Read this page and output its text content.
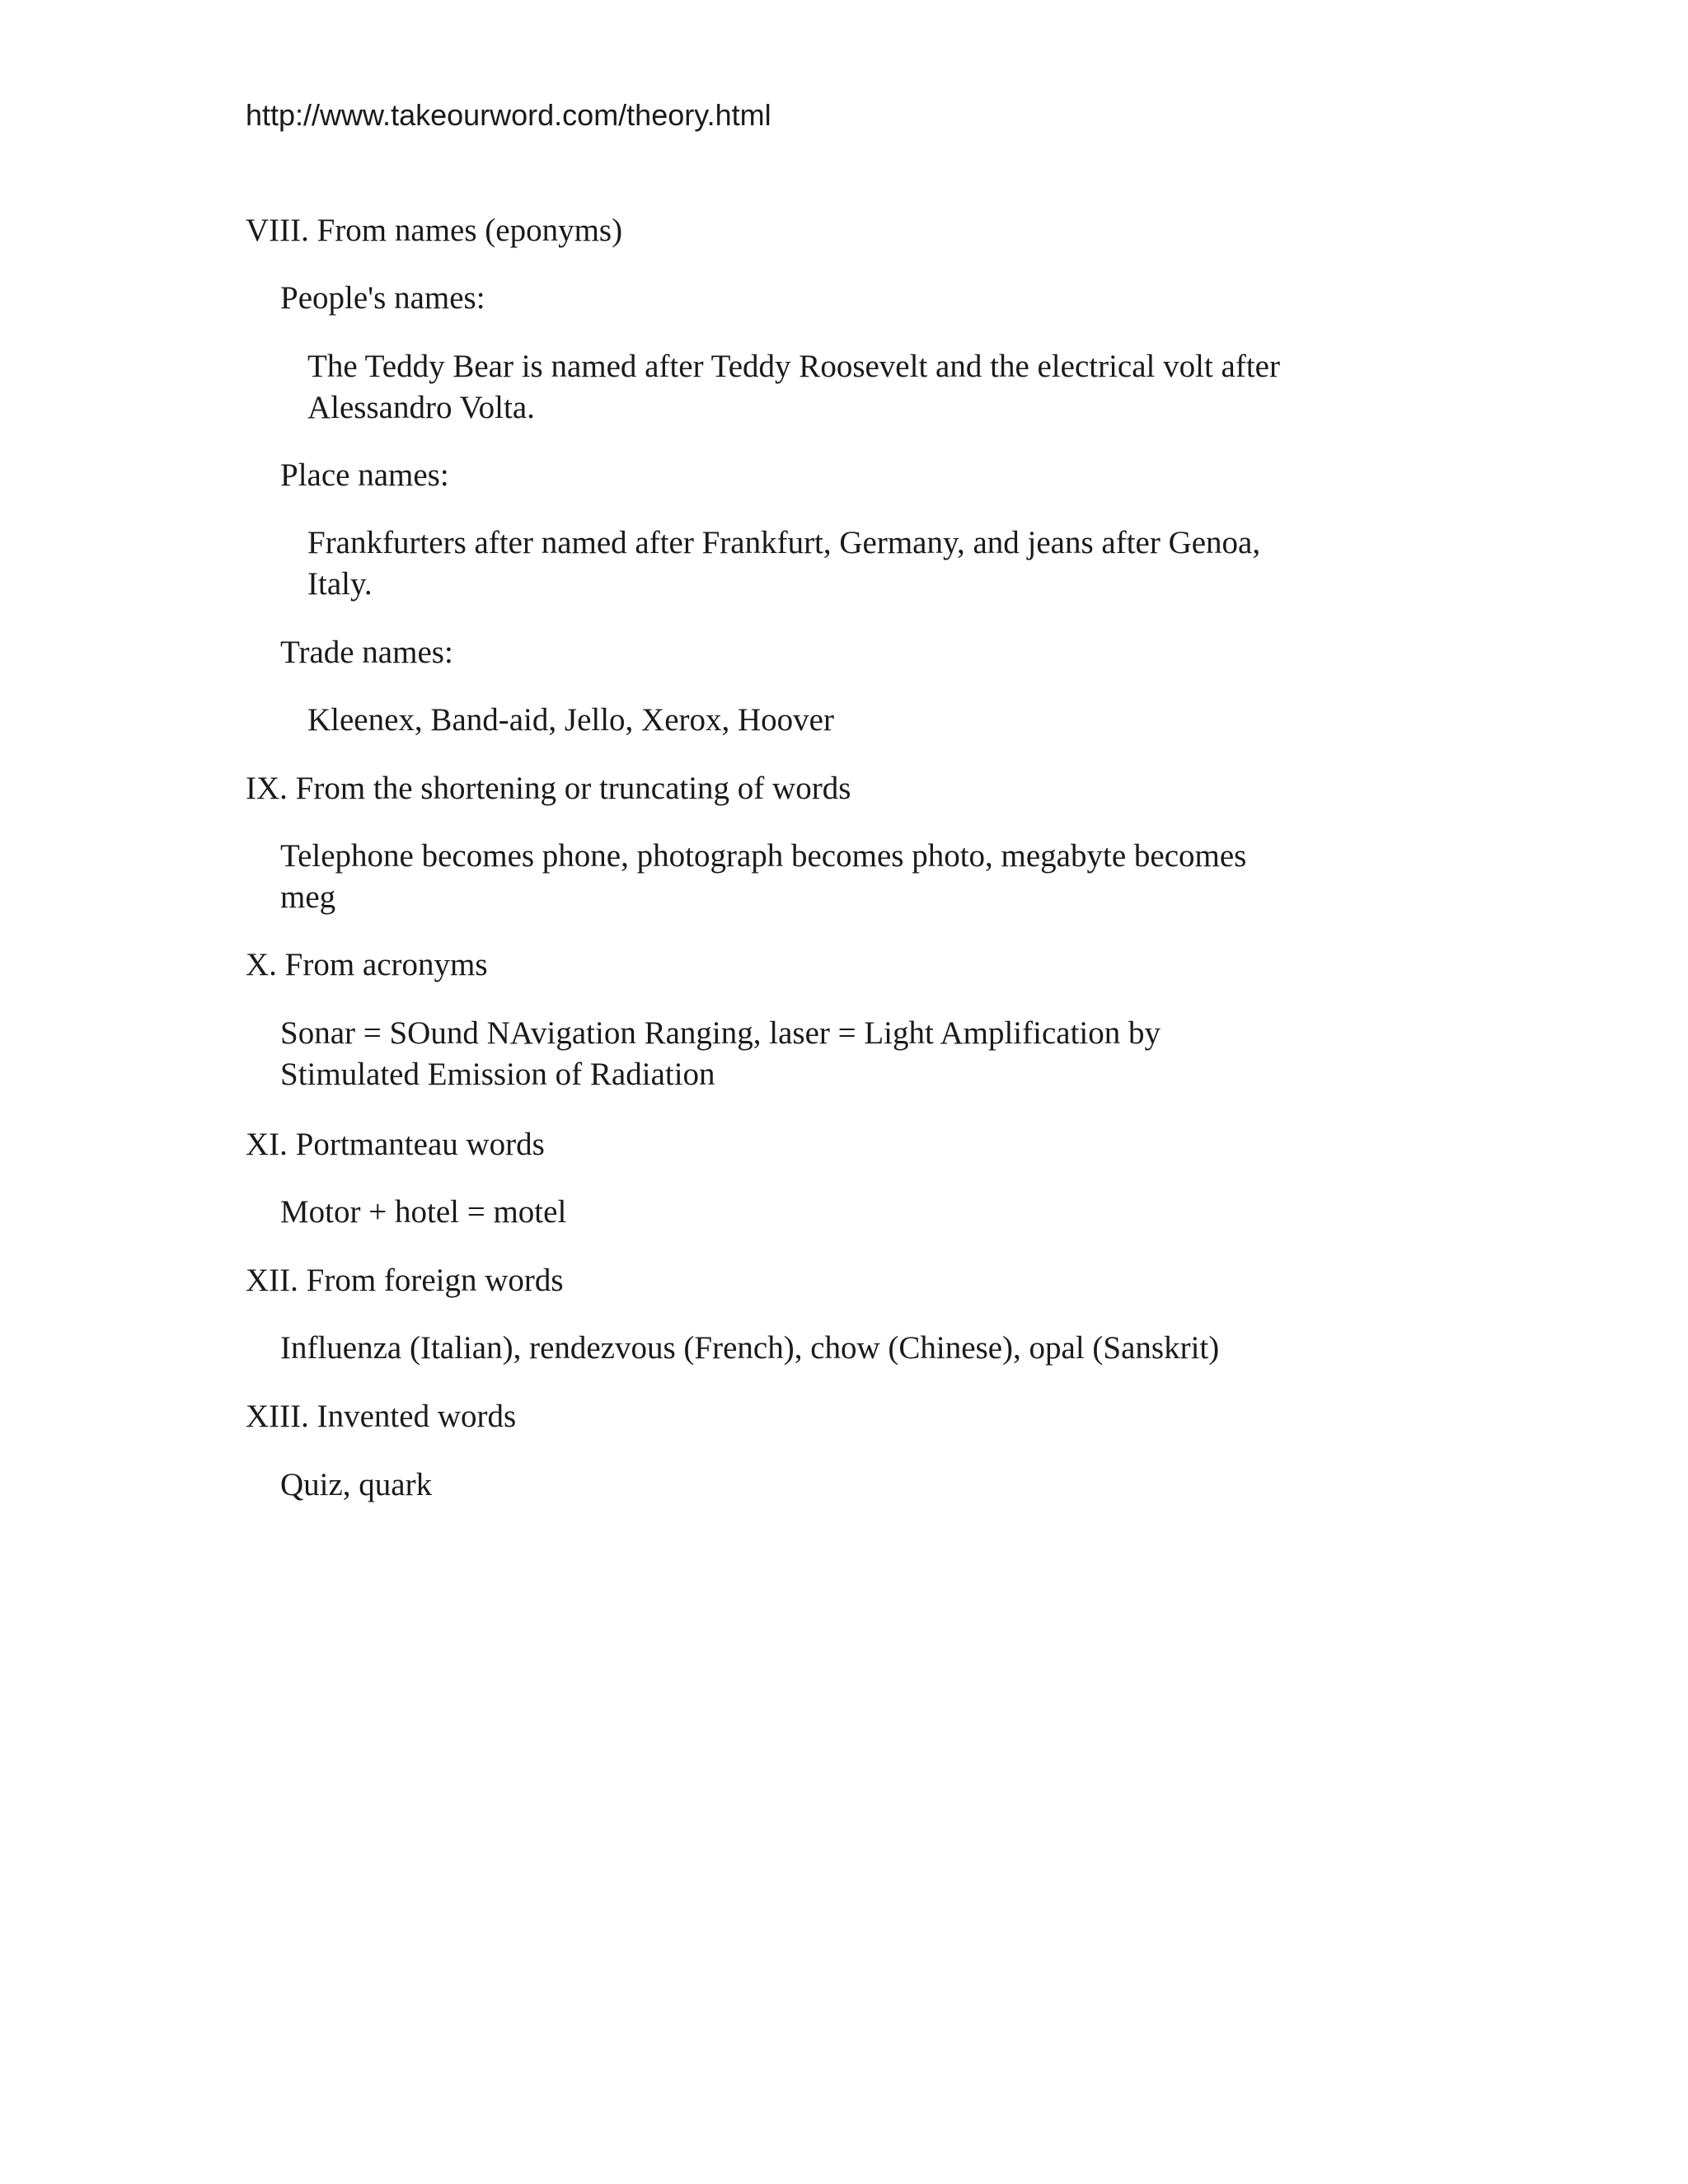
http://www.takeourword.com/theory.html
VIII. From names (eponyms)
People's names:
The Teddy Bear is named after Teddy Roosevelt and the electrical volt after
Alessandro Volta.
Place names:
Frankfurters after named after Frankfurt, Germany, and jeans after Genoa,
Italy.
Trade names:
Kleenex, Band-aid, Jello, Xerox, Hoover
IX. From the shortening or truncating of words
Telephone becomes phone, photograph becomes photo, megabyte becomes
meg
X. From acronyms
Sonar = SOund NAvigation Ranging, laser = Light Amplification by
Stimulated Emission of Radiation
XI. Portmanteau words
Motor + hotel = motel
XII. From foreign words
Influenza (Italian), rendezvous (French), chow (Chinese), opal (Sanskrit)
XIII. Invented words
Quiz, quark
